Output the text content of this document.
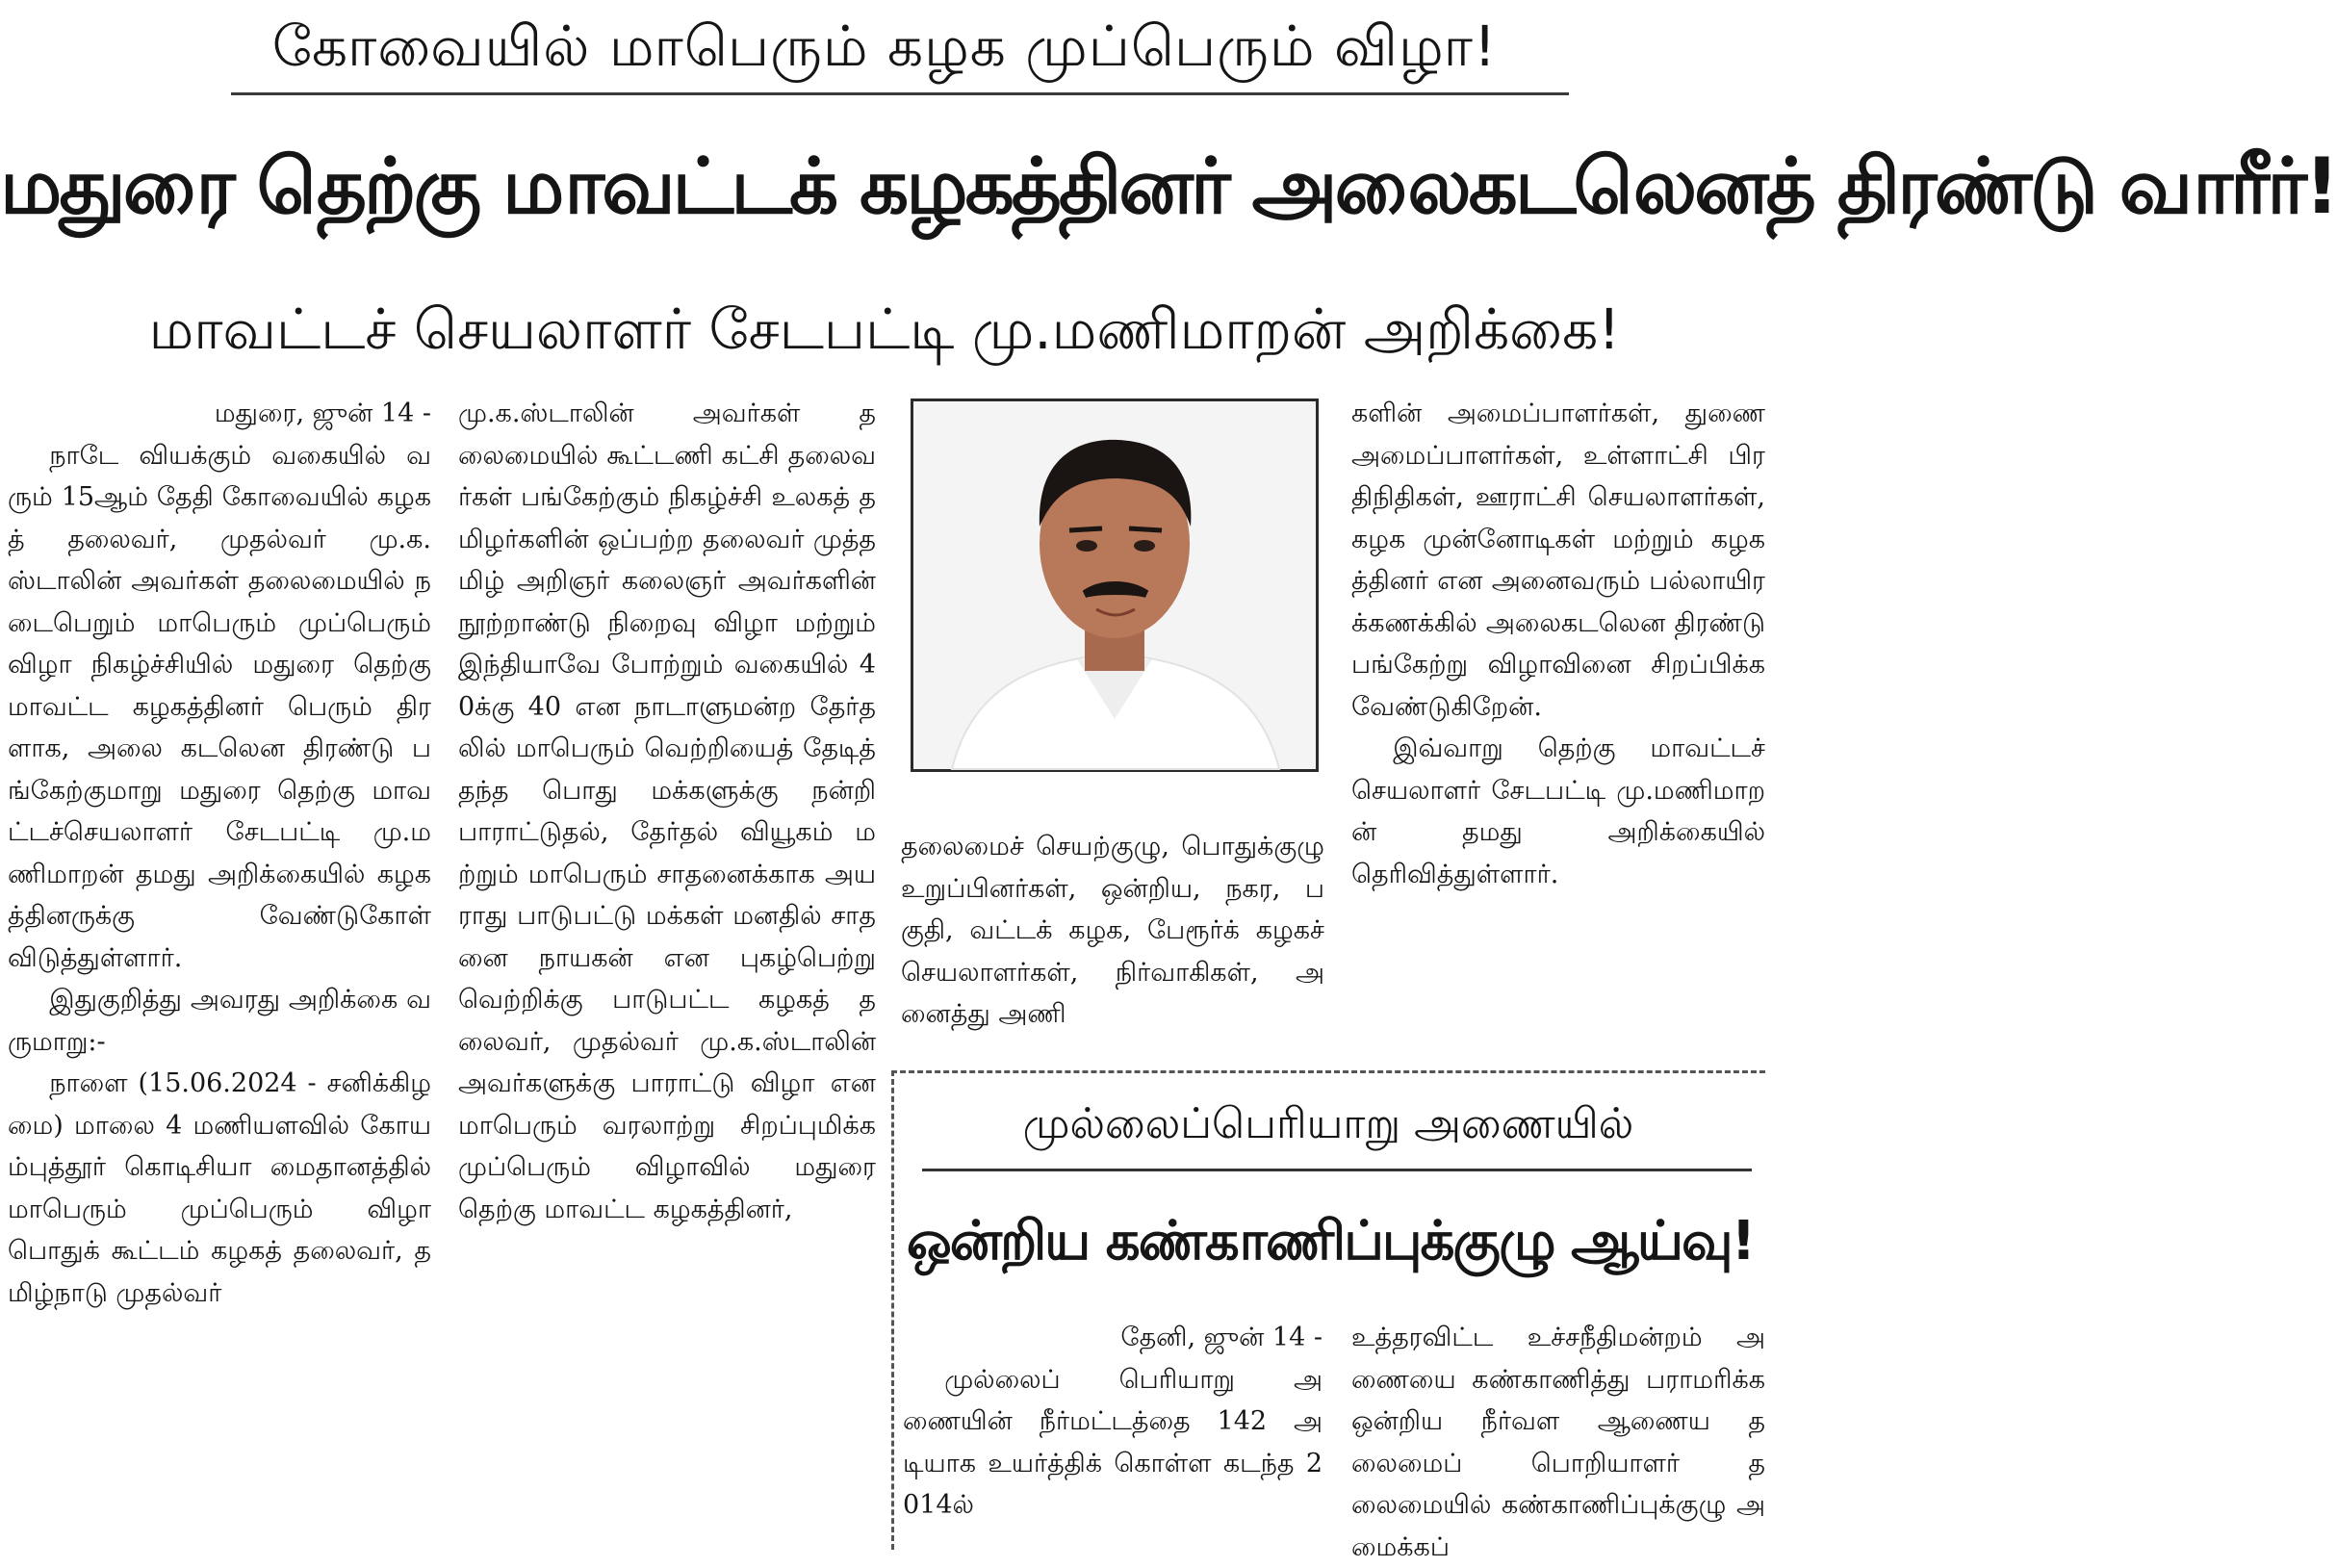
கோவையில் மாபெரும் கழக முப்பெரும் விழா!
மதுரை தெற்கு மாவட்டக் கழகத்தினர் அலைகடலெனத் திரண்டு வாரீர்!
மாவட்டச் செயலாளர் சேடபட்டி மு.மணிமாறன் அறிக்கை!

மதுரை, ஜுன் 14 -

நாடே வியக்கும் வகையில் வரும் 15ஆம் தேதி கோவையில் கழகத் தலைவர், முதல்வர் மு.க.ஸ்டாலின் அவர்கள் தலைமையில் நடைபெறும் மாபெரும் முப்பெரும் விழா நிகழ்ச்சியில் மதுரை தெற்கு மாவட்ட கழகத்தினர் பெரும் திரளாக, அலை கடலென திரண்டு பங்கேற்குமாறு மதுரை தெற்கு மாவட்டச்செயலாளர் சேடபட்டி மு.மணிமாறன் தமது அறிக்கையில் கழகத்தினருக்கு வேண்டுகோள் விடுத்துள்ளார்.

இதுகுறித்து அவரது அறிக்கை வருமாறு:-

நாளை (15.06.2024 - சனிக்கிழமை) மாலை 4 மணியளவில் கோயம்புத்தூர் கொடிசியா மைதானத்தில் மாபெரும் முப்பெரும் விழா பொதுக் கூட்டம் கழகத் தலைவர், தமிழ்நாடு முதல்வர்

மு.க.ஸ்டாலின் அவர்கள் தலைமையில் கூட்டணி கட்சி தலைவர்கள் பங்கேற்கும் நிகழ்ச்சி உலகத் தமிழர்களின் ஒப்பற்ற தலைவர் முத்தமிழ் அறிஞர் கலைஞர் அவர்களின் நூற்றாண்டு நிறைவு விழா மற்றும் இந்தியாவே போற்றும் வகையில் 40க்கு 40 என நாடாளுமன்ற தேர்தலில் மாபெரும் வெற்றியைத் தேடித் தந்த பொது மக்களுக்கு நன்றி பாராட்டுதல், தேர்தல் வியூகம் மற்றும் மாபெரும் சாதனைக்காக அயராது பாடுபட்டு மக்கள் மனதில் சாதனை நாயகன் என புகழ்பெற்று வெற்றிக்கு பாடுபட்ட கழகத் தலைவர், முதல்வர் மு.க.ஸ்டாலின் அவர்களுக்கு பாராட்டு விழா என மாபெரும் வரலாற்று சிறப்புமிக்க முப்பெரும் விழாவில் மதுரை தெற்கு மாவட்ட கழகத்தினர்,

தலைமைச் செயற்குழு, பொதுக்குழு உறுப்பினர்கள், ஒன்றிய, நகர, பகுதி, வட்டக் கழக, பேரூர்க் கழகச் செயலாளர்கள், நிர்வாகிகள், அனைத்து அணி

களின் அமைப்பாளர்கள், துணை அமைப்பாளர்கள், உள்ளாட்சி பிரதிநிதிகள், ஊராட்சி செயலாளர்கள், கழக முன்னோடிகள் மற்றும் கழகத்தினர் என அனைவரும் பல்லாயிரக்கணக்கில் அலைகடலென திரண்டு பங்கேற்று விழாவினை சிறப்பிக்க வேண்டுகிறேன்.

இவ்வாறு தெற்கு மாவட்டச் செயலாளர் சேடபட்டி மு.மணிமாறன் தமது அறிக்கையில் தெரிவித்துள்ளார்.

முல்லைப்பெரியாறு அணையில்
ஒன்றிய கண்காணிப்புக்குழு ஆய்வு!

தேனி, ஜுன் 14 -

முல்லைப் பெரியாறு அணையின் நீர்மட்டத்தை 142 அடியாக உயர்த்திக் கொள்ள கடந்த 2014ல்

உத்தரவிட்ட உச்சநீதிமன்றம் அணையை கண்காணித்து பராமரிக்க ஒன்றிய நீர்வள ஆணைய தலைமைப் பொறியாளர் தலைமையில் கண்காணிப்புக்குழு அமைக்கப்
